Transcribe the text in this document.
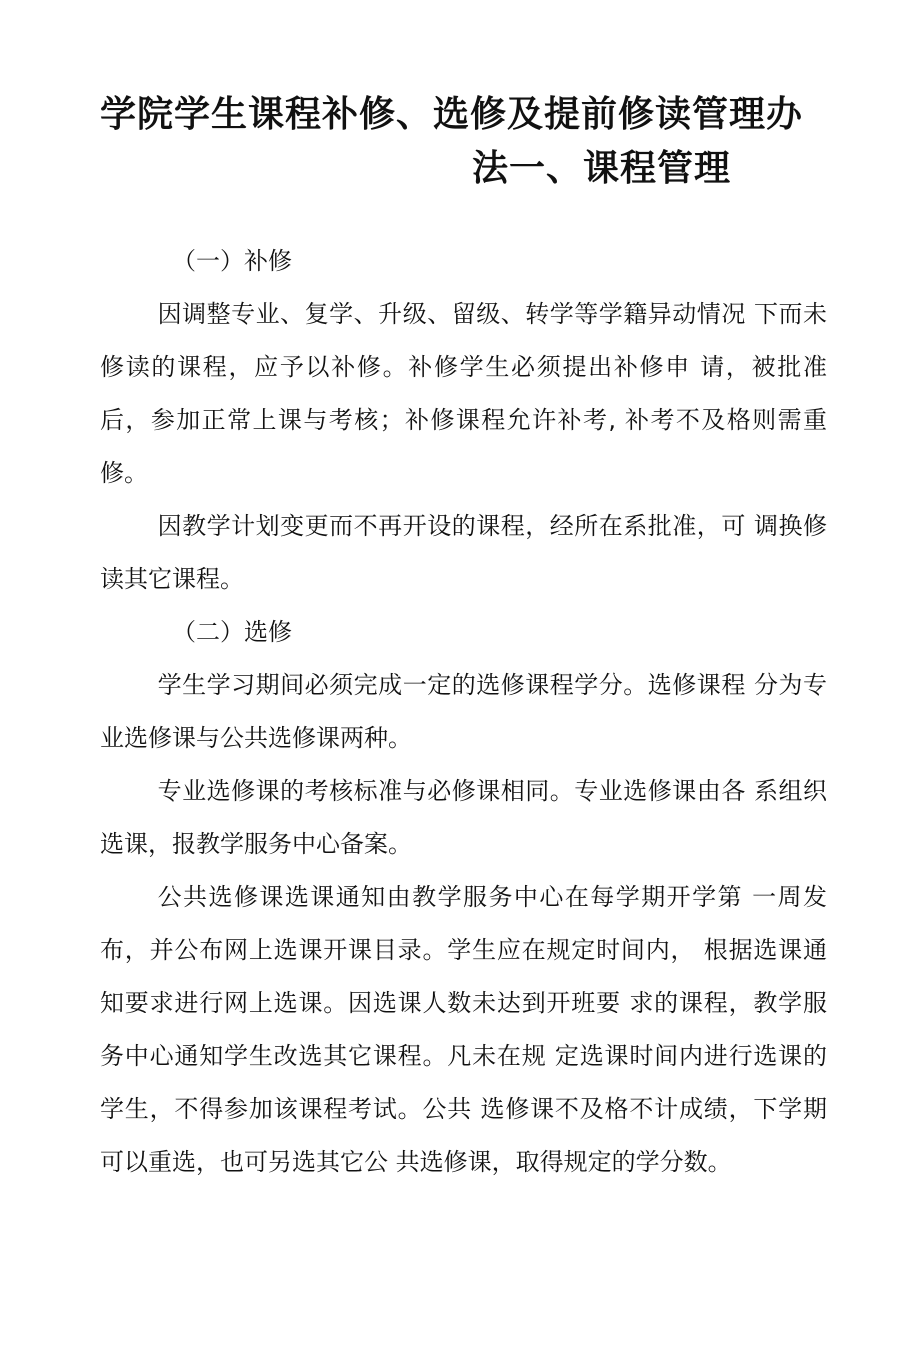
学院学生课程补修、选修及提前修读管理办
法一、课程管理

（一）补修

因调整专业、复学、升级、留级、转学等学籍异动情况 下而未修读的课程，应予以补修。补修学生必须提出补修申 请，被批准后，参加正常上课与考核；补修课程允许补考, 补考不及格则需重修。

因教学计划变更而不再开设的课程，经所在系批准，可 调换修读其它课程。

（二）选修

学生学习期间必须完成一定的选修课程学分。选修课程 分为专业选修课与公共选修课两种。

专业选修课的考核标准与必修课相同。专业选修课由各 系组织选课，报教学服务中心备案。

公共选修课选课通知由教学服务中心在每学期开学第 一周发布，并公布网上选课开课目录。学生应在规定时间内， 根据选课通知要求进行网上选课。因选课人数未达到开班要 求的课程，教学服务中心通知学生改选其它课程。凡未在规 定选课时间内进行选课的学生，不得参加该课程考试。公共 选修课不及格不计成绩，下学期可以重选，也可另选其它公 共选修课，取得规定的学分数。
